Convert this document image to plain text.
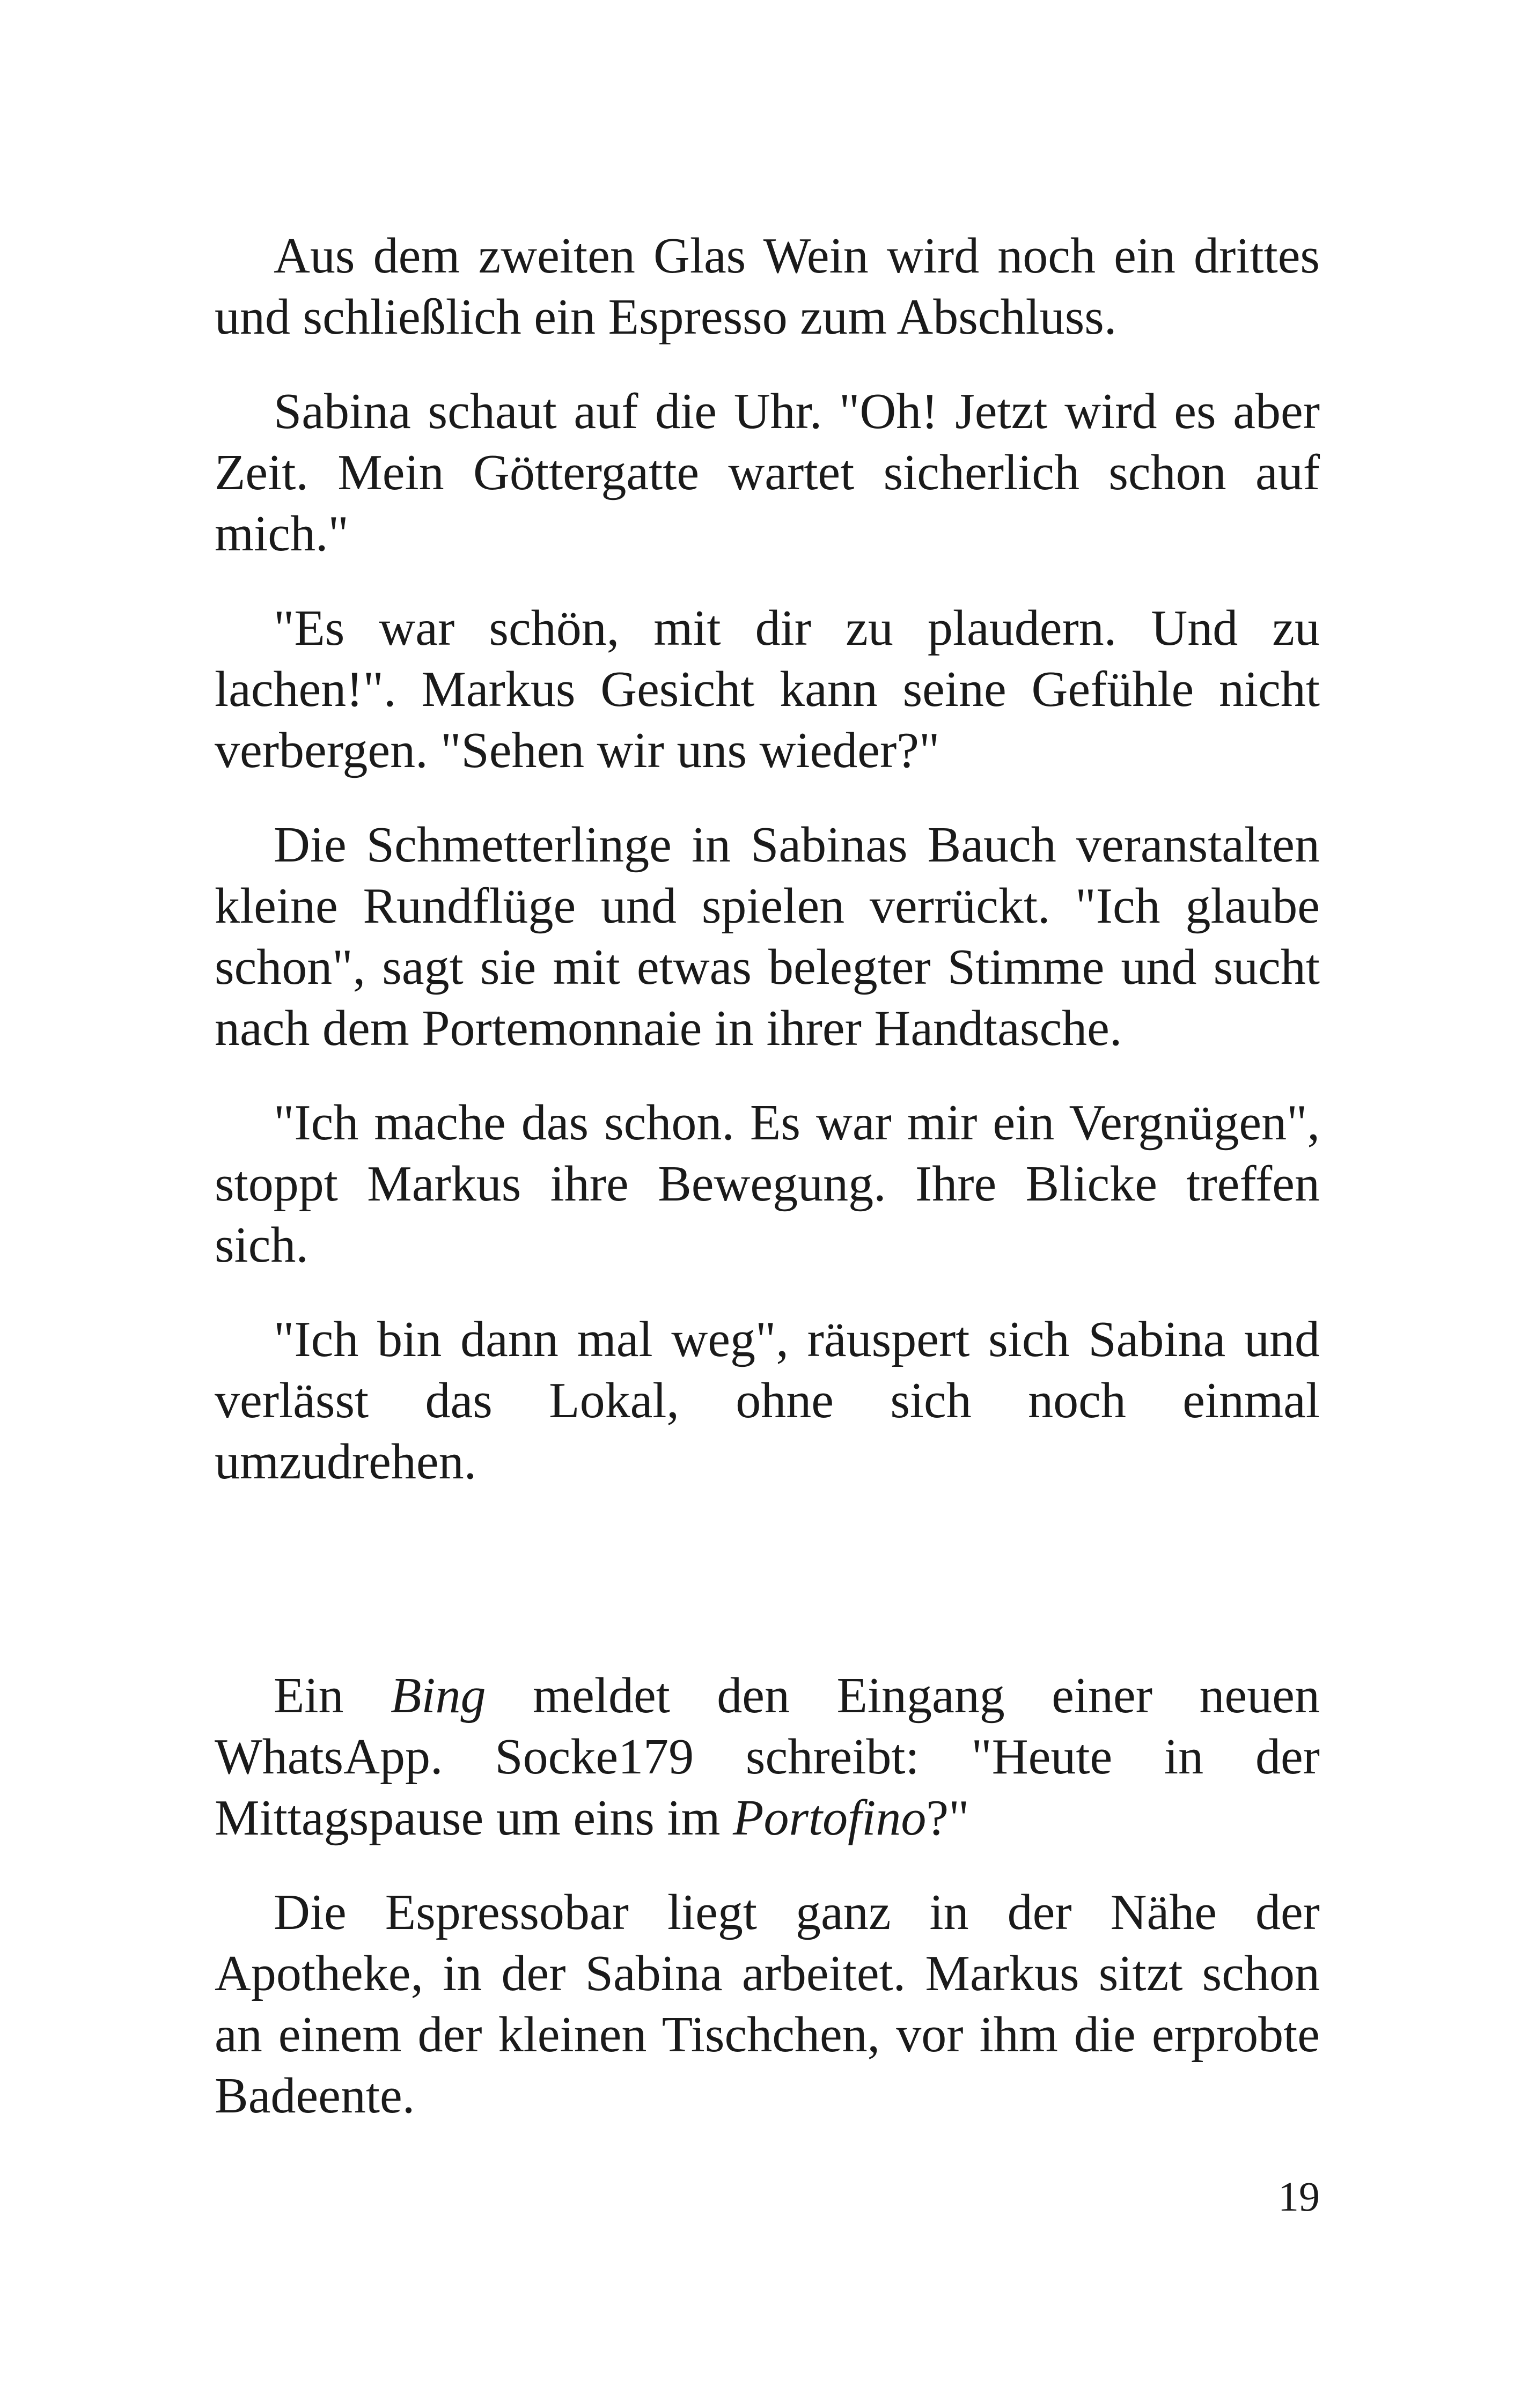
Aus dem zweiten Glas Wein wird noch ein drittes und schließlich ein Espresso zum Abschluss.

Sabina schaut auf die Uhr. "Oh! Jetzt wird es aber Zeit. Mein Göttergatte wartet sicherlich schon auf mich."

"Es war schön, mit dir zu plaudern. Und zu lachen!". Markus Gesicht kann seine Gefühle nicht verbergen. "Sehen wir uns wieder?"

Die Schmetterlinge in Sabinas Bauch veranstalten kleine Rundflüge und spielen verrückt. "Ich glaube schon", sagt sie mit etwas belegter Stimme und sucht nach dem Portemonnaie in ihrer Handtasche.

"Ich mache das schon. Es war mir ein Vergnügen", stoppt Markus ihre Bewegung. Ihre Blicke treffen sich.

"Ich bin dann mal weg", räuspert sich Sabina und verlässt das Lokal, ohne sich noch einmal umzudrehen.

Ein Bing meldet den Eingang einer neuen WhatsApp. Socke179 schreibt: "Heute in der Mittagspause um eins im Portofino?"

Die Espressobar liegt ganz in der Nähe der Apotheke, in der Sabina arbeitet. Markus sitzt schon an einem der kleinen Tischchen, vor ihm die erprobte Badeente.

19
